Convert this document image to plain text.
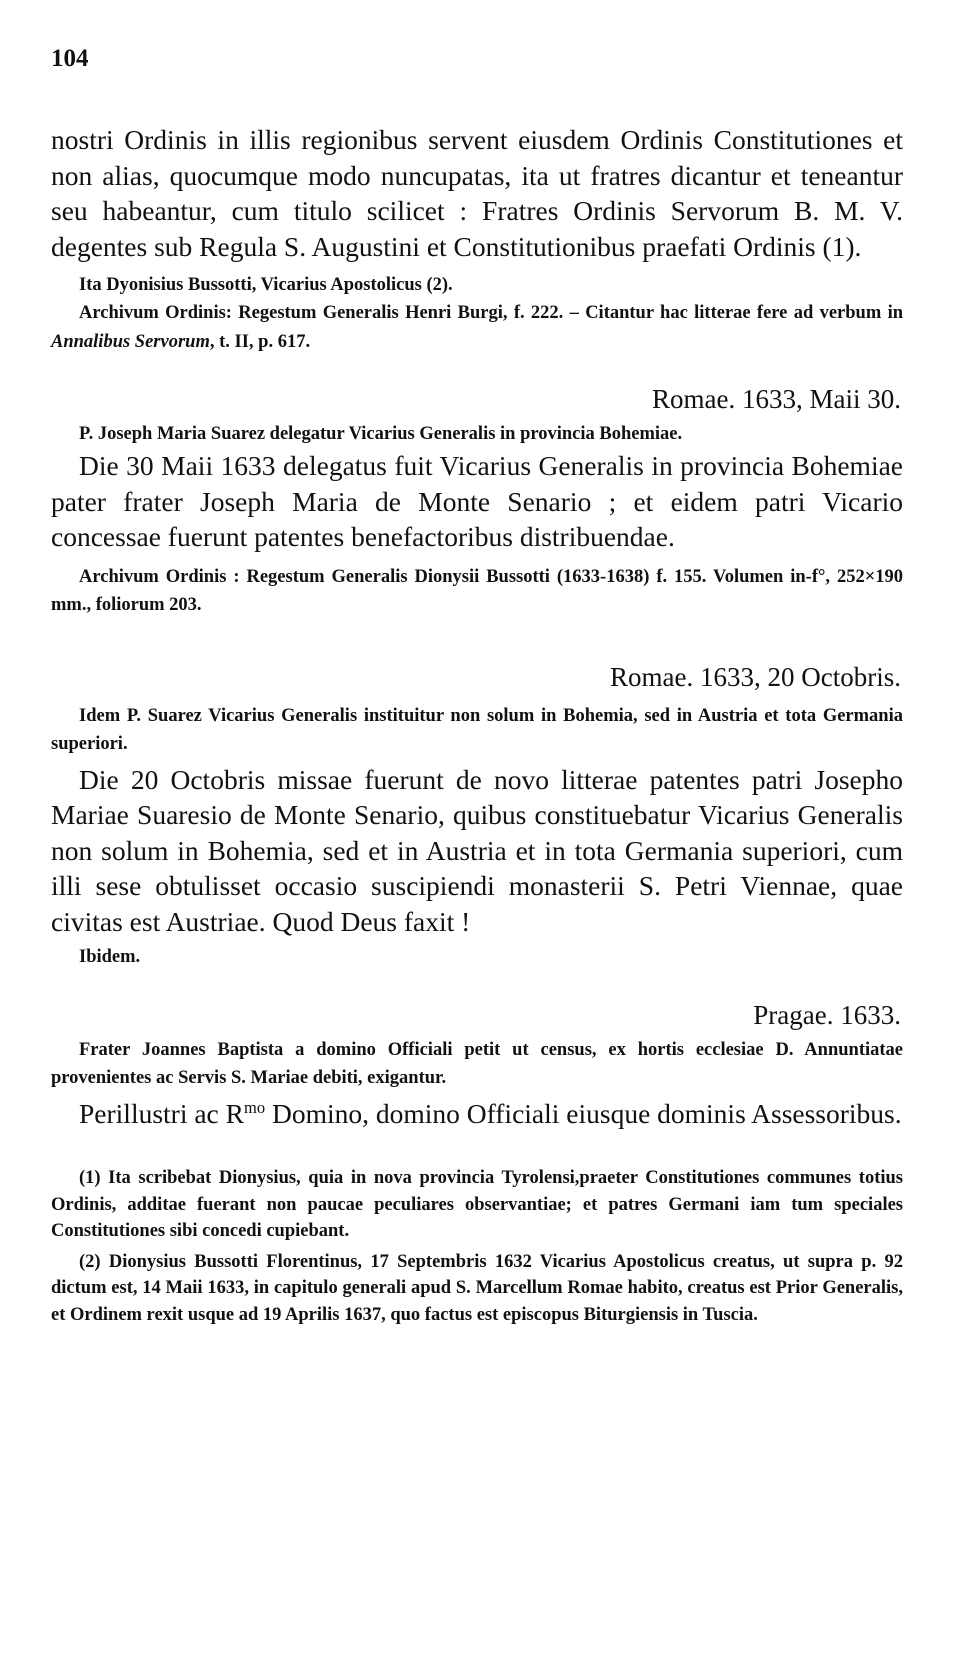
104

nostri Ordinis in illis regionibus servent eiusdem Ordinis Constitutiones et non alias, quocumque modo nuncupatas, ita ut fratres dicantur et teneantur seu habeantur, cum titulo scilicet : Fratres Ordinis Servorum B. M. V. degentes sub Regula S. Augustini et Constitutionibus praefati Ordinis (1).

Ita Dyonisius Bussotti, Vicarius Apostolicus (2).

Archivum Ordinis: Regestum Generalis Henri Burgi, f. 222. – Citantur hac litterae fere ad verbum in Annalibus Servorum, t. II, p. 617.

Romae. 1633, Maii 30.

P. Joseph Maria Suarez delegatur Vicarius Generalis in provincia Bohemiae.

Die 30 Maii 1633 delegatus fuit Vicarius Generalis in provincia Bohemiae pater frater Joseph Maria de Monte Senario ; et eidem patri Vicario concessae fuerunt patentes benefactoribus distribuendae.

Archivum Ordinis : Regestum Generalis Dionysii Bussotti (1633-1638) f. 155. Volumen in-f°, 252×190 mm., foliorum 203.

Romae. 1633, 20 Octobris.

Idem P. Suarez Vicarius Generalis instituitur non solum in Bohemia, sed in Austria et tota Germania superiori.

Die 20 Octobris missae fuerunt de novo litterae patentes patri Josepho Mariae Suaresio de Monte Senario, quibus constituebatur Vicarius Generalis non solum in Bohemia, sed et in Austria et in tota Germania superiori, cum illi sese obtulisset occasio suscipiendi monasterii S. Petri Viennae, quae civitas est Austriae. Quod Deus faxit !

Ibidem.

Pragae. 1633.

Frater Joannes Baptista a domino Officiali petit ut census, ex hortis ecclesiae D. Annuntiatae provenientes ac Servis S. Mariae debiti, exigantur.

Perillustri ac $R^{mo}$ Domino, domino Officiali eiusque dominis Assessoribus.

(1) Ita scribebat Dionysius, quia in nova provincia Tyrolensi,praeter Constitutiones communes totius Ordinis, additae fuerant non paucae peculiares observantiae; et patres Germani iam tum speciales Constitutiones sibi concedi cupiebant.

(2) Dionysius Bussotti Florentinus, 17 Septembris 1632 Vicarius Apostolicus creatus, ut supra p. 92 dictum est, 14 Maii 1633, in capitulo generali apud S. Marcellum Romae habito, creatus est Prior Generalis, et Ordinem rexit usque ad 19 Aprilis 1637, quo factus est episcopus Biturgiensis in Tuscia.
